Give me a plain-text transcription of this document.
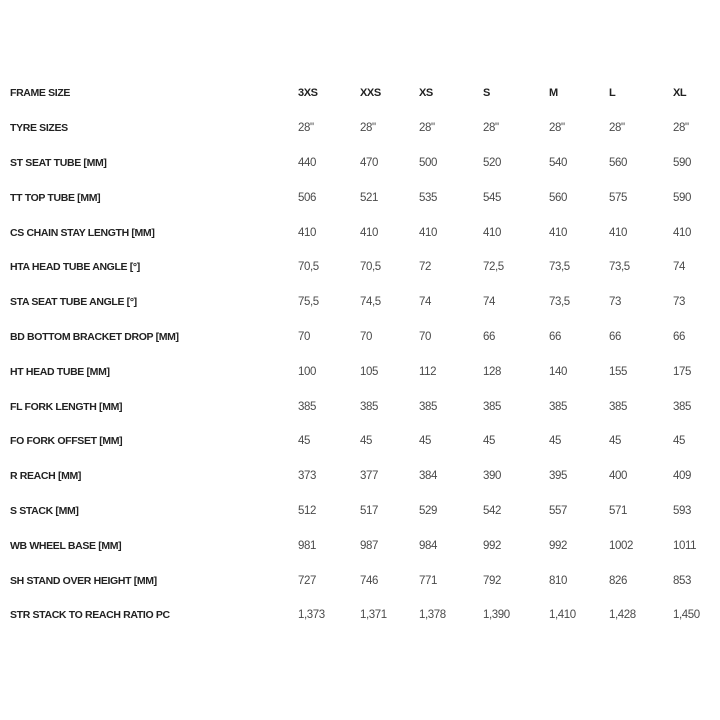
FRAME SIZE	3XS	XXS	XS	S	M	L	XL
TYRE SIZES	28"	28"	28"	28"	28"	28"	28"
ST SEAT TUBE [MM]	440	470	500	520	540	560	590
TT TOP TUBE [MM]	506	521	535	545	560	575	590
CS CHAIN STAY LENGTH [MM]	410	410	410	410	410	410	410
HTA HEAD TUBE ANGLE [°]	70,5	70,5	72	72,5	73,5	73,5	74
STA SEAT TUBE ANGLE [°]	75,5	74,5	74	74	73,5	73	73
BD BOTTOM BRACKET DROP [MM]	70	70	70	66	66	66	66
HT HEAD TUBE [MM]	100	105	112	128	140	155	175
FL FORK LENGTH [MM]	385	385	385	385	385	385	385
FO FORK OFFSET [MM]	45	45	45	45	45	45	45
R REACH [MM]	373	377	384	390	395	400	409
S STACK [MM]	512	517	529	542	557	571	593
WB WHEEL BASE [MM]	981	987	984	992	992	1002	1011
SH STAND OVER HEIGHT [MM]	727	746	771	792	810	826	853
STR STACK TO REACH RATIO PC	1,373	1,371	1,378	1,390	1,410	1,428	1,450
